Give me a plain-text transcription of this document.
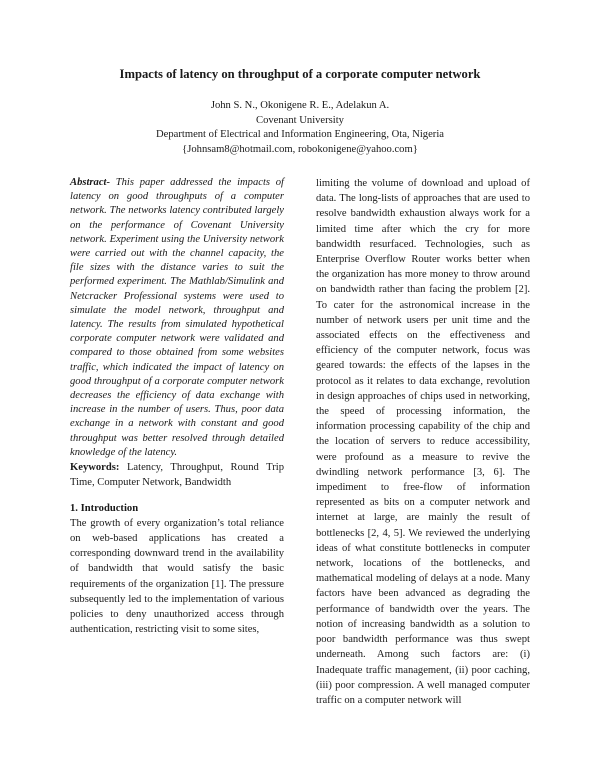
Impacts of latency on throughput of a corporate computer network
John S. N., Okonigene R. E., Adelakun A.
Covenant University
Department of Electrical and Information Engineering, Ota, Nigeria
{Johnsam8@hotmail.com, robokonigene@yahoo.com}

Abstract- This paper addressed the impacts of latency on good throughputs of a computer network. The networks latency contributed largely on the performance of Covenant University network. Experiment using the University network were carried out with the channel capacity, the file sizes with the distance varies to suit the performed experiment. The Mathlab/Simulink and Netcracker Professional systems were used to simulate the model network, throughput and latency. The results from simulated hypothetical corporate computer network were validated and compared to those obtained from some websites traffic, which indicated the impact of latency on good throughput of a corporate computer network decreases the efficiency of data exchange with increase in the number of users. Thus, poor data exchange in a network with constant and good throughput was better resolved through detailed knowledge of the latency.

Keywords: Latency, Throughput, Round Trip Time, Computer Network, Bandwidth

1. Introduction

The growth of every organization’s total reliance on web-based applications has created a corresponding downward trend in the availability of bandwidth that would satisfy the basic requirements of the organization [1]. The pressure subsequently led to the implementation of various policies to deny unauthorized access through authentication, restricting visit to some sites,

limiting the volume of download and upload of data. The long-lists of approaches that are used to resolve bandwidth exhaustion always work for a limited time after which the cry for more bandwidth resurfaced. Technologies, such as Enterprise Overflow Router works better when the organization has more money to throw around on bandwidth rather than facing the problem [2]. To cater for the astronomical increase in the number of network users per unit time and the associated effects on the effectiveness and efficiency of the computer network, focus was geared towards: the effects of the lapses in the protocol as it relates to data exchange, revolution in design approaches of chips used in networking, the speed of processing information, the information processing capability of the chip and the location of servers to reduce accessibility, were profound as a measure to revive the dwindling network performance [3, 6]. The impediment to free-flow of information represented as bits on a computer network and internet at large, are mainly the result of bottlenecks [2, 4, 5]. We reviewed the underlying ideas of what constitute bottlenecks in computer network, locations of the bottlenecks, and mathematical modeling of delays at a node. Many factors have been advanced as degrading the performance of bandwidth over the years. The notion of increasing bandwidth as a solution to poor bandwidth performance was thus swept underneath. Among such factors are: (i) Inadequate traffic management, (ii) poor caching, (iii) poor compression. A well managed computer traffic on a computer network will
